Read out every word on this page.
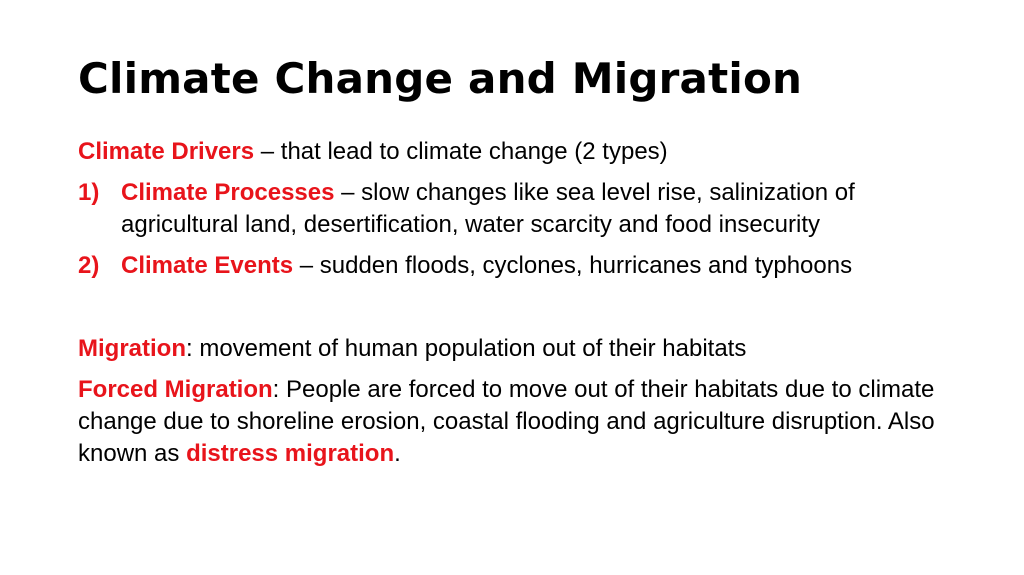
Climate Change and Migration

Climate Drivers – that lead to climate change (2 types)

1) Climate Processes – slow changes like sea level rise, salinization of agricultural land, desertification, water scarcity and food insecurity

2) Climate Events – sudden floods, cyclones, hurricanes and typhoons

Migration: movement of human population out of their habitats

Forced Migration: People are forced to move out of their habitats due to climate change due to shoreline erosion, coastal flooding and agriculture disruption. Also known as distress migration.
